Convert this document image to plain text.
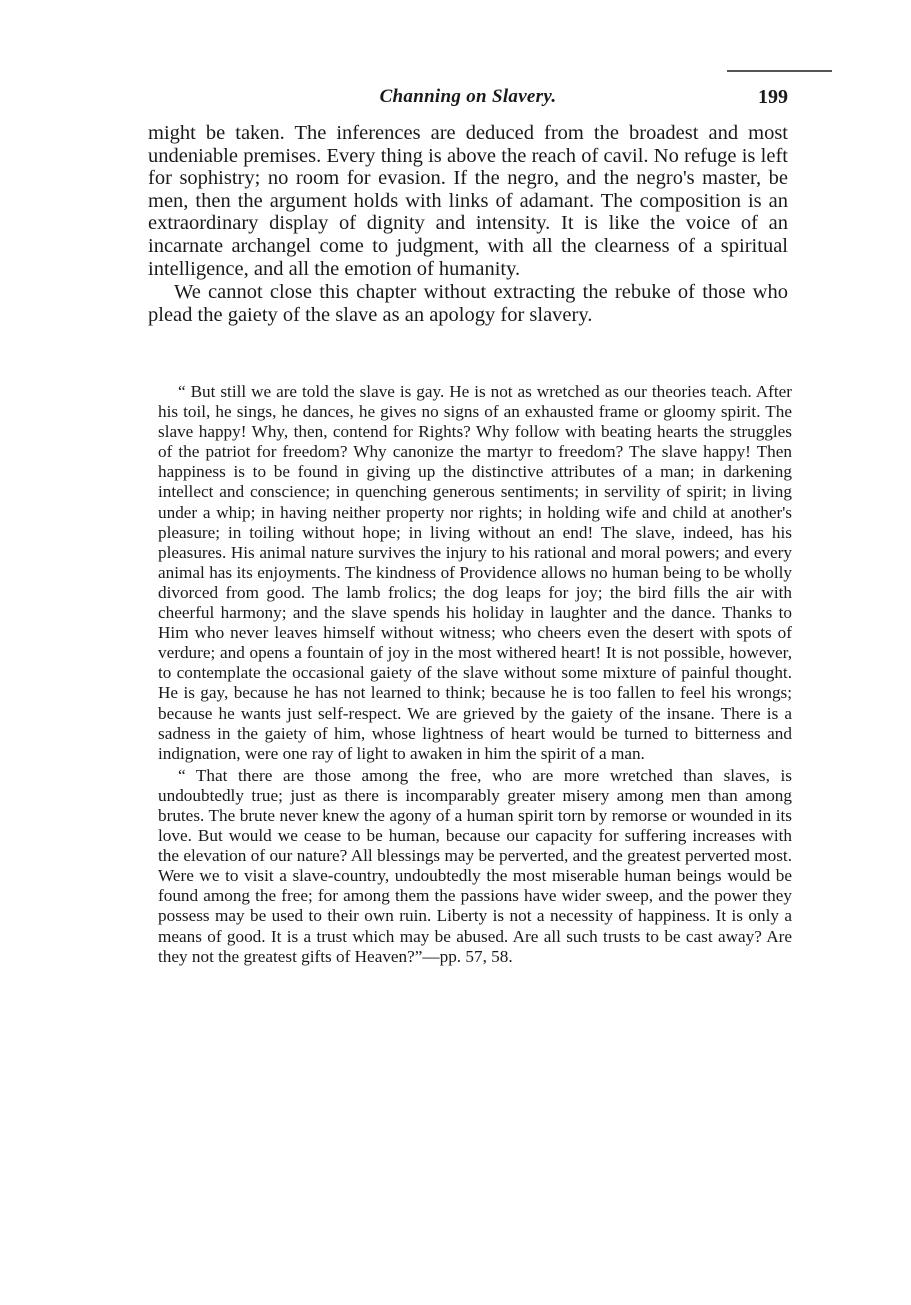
Channing on Slavery.	199

might be taken. The inferences are deduced from the broadest and most undeniable premises. Every thing is above the reach of cavil. No refuge is left for sophistry; no room for evasion. If the negro, and the negro's master, be men, then the argument holds with links of adamant. The composition is an extraordinary display of dignity and intensity. It is like the voice of an incarnate archangel come to judgment, with all the clearness of a spiritual intelligence, and all the emotion of humanity.

We cannot close this chapter without extracting the rebuke of those who plead the gaiety of the slave as an apology for slavery.

“ But still we are told the slave is gay. He is not as wretched as our theories teach. After his toil, he sings, he dances, he gives no signs of an exhausted frame or gloomy spirit. The slave happy! Why, then, contend for Rights? Why follow with beating hearts the struggles of the patriot for freedom? Why canonize the martyr to freedom? The slave happy! Then happiness is to be found in giving up the distinctive attributes of a man; in darkening intellect and conscience; in quenching generous sentiments; in servility of spirit; in living under a whip; in having neither property nor rights; in holding wife and child at another's pleasure; in toiling without hope; in living without an end! The slave, indeed, has his pleasures. His animal nature survives the injury to his rational and moral powers; and every animal has its enjoyments. The kindness of Providence allows no human being to be wholly divorced from good. The lamb frolics; the dog leaps for joy; the bird fills the air with cheerful harmony; and the slave spends his holiday in laughter and the dance. Thanks to Him who never leaves himself without witness; who cheers even the desert with spots of verdure; and opens a fountain of joy in the most withered heart! It is not possible, however, to contemplate the occasional gaiety of the slave without some mixture of painful thought. He is gay, because he has not learned to think; because he is too fallen to feel his wrongs; because he wants just self-respect. We are grieved by the gaiety of the insane. There is a sadness in the gaiety of him, whose lightness of heart would be turned to bitterness and indignation, were one ray of light to awaken in him the spirit of a man.

“ That there are those among the free, who are more wretched than slaves, is undoubtedly true; just as there is incomparably greater misery among men than among brutes. The brute never knew the agony of a human spirit torn by remorse or wounded in its love. But would we cease to be human, because our capacity for suffering increases with the elevation of our nature? All blessings may be perverted, and the greatest perverted most. Were we to visit a slave-country, undoubtedly the most miserable human beings would be found among the free; for among them the passions have wider sweep, and the power they possess may be used to their own ruin. Liberty is not a necessity of happiness. It is only a means of good. It is a trust which may be abused. Are all such trusts to be cast away? Are they not the greatest gifts of Heaven?”—pp. 57, 58.
